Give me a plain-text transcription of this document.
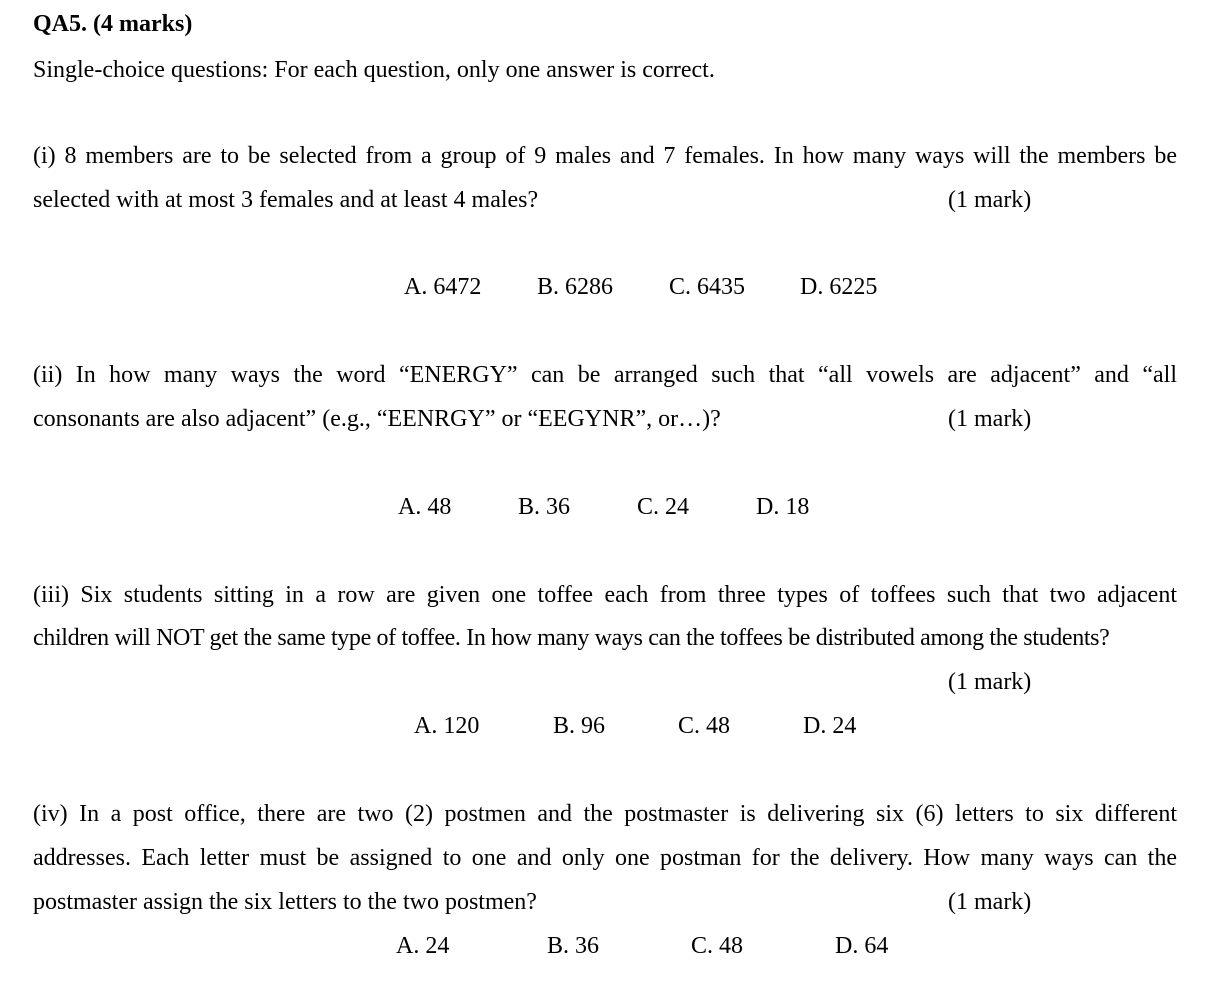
QA5. (4 marks)
Single-choice questions: For each question, only one answer is correct.
(i) 8 members are to be selected from a group of 9 males and 7 females. In how many ways will the members be
selected with at most 3 females and at least 4 males?	(1 mark)
A. 6472 B. 6286 C. 6435 D. 6225
(ii) In how many ways the word “ENERGY” can be arranged such that “all vowels are adjacent” and “all
consonants are also adjacent” (e.g., “EENRGY” or “EEGYNR”, or…)?	(1 mark)
A. 48	B. 36	C. 24	D. 18
(iii) Six students sitting in a row are given one toffee each from three types of toffees such that two adjacent
children will NOT get the same type of toffee. In how many ways can the toffees be distributed among the students?
(1 mark)
A. 120	B. 96	C. 48	D. 24
(iv) In a post office, there are two (2) postmen and the postmaster is delivering six (6) letters to six different
addresses. Each letter must be assigned to one and only one postman for the delivery. How many ways can the
postmaster assign the six letters to the two postmen?	(1 mark)
A. 24	B. 36	C. 48	D. 64
